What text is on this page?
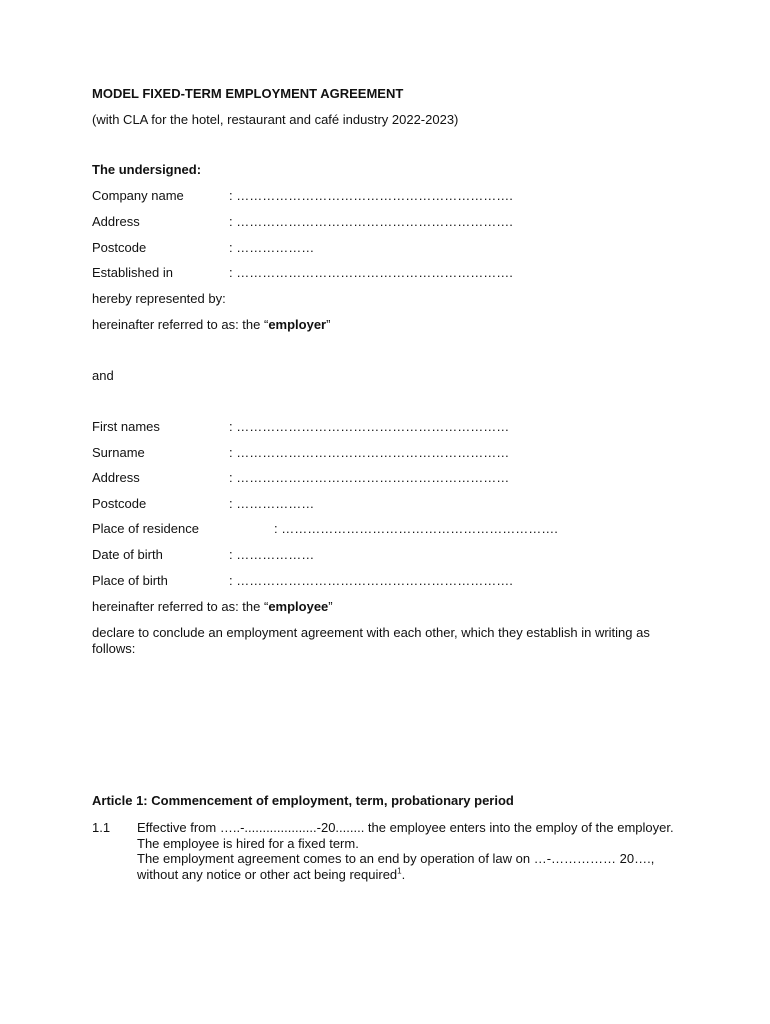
MODEL FIXED-TERM EMPLOYMENT AGREEMENT
(with CLA for the hotel, restaurant and café industry 2022-2023)
The undersigned:
Company name	: ……………………………………………………….
Address	: ……………………………………………………….
Postcode	: ………………
Established in	: ……………………………………………………….
hereby represented by:
hereinafter referred to as: the “employer”
and
First names	: ………………………………………………………
Surname	: ………………………………………………………
Address	: ………………………………………………………
Postcode	: ………………
Place of residence	: ……………………………………………………….
Date of birth	: ………………
Place of birth	: ……………………………………………………….
hereinafter referred to as: the “employee”
declare to conclude an employment agreement with each other, which they establish in writing as follows:
Article 1: Commencement of employment, term, probationary period
1.1 Effective from …..-....................-20........ the employee enters into the employ of the employer.
The employee is hired for a fixed term.
The employment agreement comes to an end by operation of law on …-…………… 20…., without any notice or other act being required$^1$.
